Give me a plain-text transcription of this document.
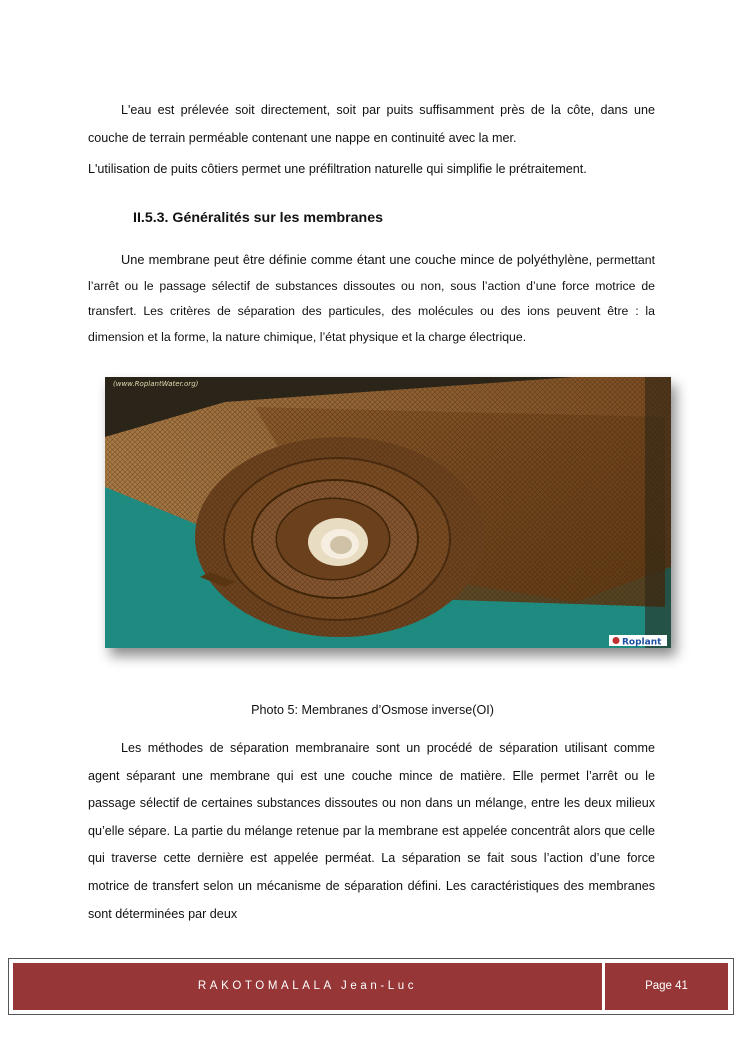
L'eau est prélevée soit directement, soit par puits suffisamment près de la côte, dans une couche de terrain perméable contenant une nappe en continuité avec la mer.

L'utilisation de puits côtiers permet une préfiltration naturelle qui simplifie le prétraitement.

II.5.3. Généralités sur les membranes

Une membrane peut être définie comme étant une couche mince de polyéthylène, permettant l’arrêt ou le passage sélectif de substances dissoutes ou non, sous l’action d’une force motrice de transfert. Les critères de séparation des particules, des molécules ou des ions peuvent être : la dimension et la forme, la nature chimique, l’état physique et la charge électrique.

(www.RoplantWater.org)
Roplant

Photo 5: Membranes d’Osmose inverse(OI)

Les méthodes de séparation membranaire sont un procédé de séparation utilisant comme agent séparant une membrane qui est une couche mince de matière. Elle permet l’arrêt ou le passage sélectif de certaines substances dissoutes ou non dans un mélange, entre les deux milieux qu’elle sépare. La partie du mélange retenue par la membrane est appelée concentrât alors que celle qui traverse cette dernière est appelée perméat. La séparation se fait sous l’action d’une force motrice de transfert selon un mécanisme de séparation défini. Les caractéristiques des membranes sont déterminées par deux

RAKOTOMALALA Jean-Luc	Page 41
